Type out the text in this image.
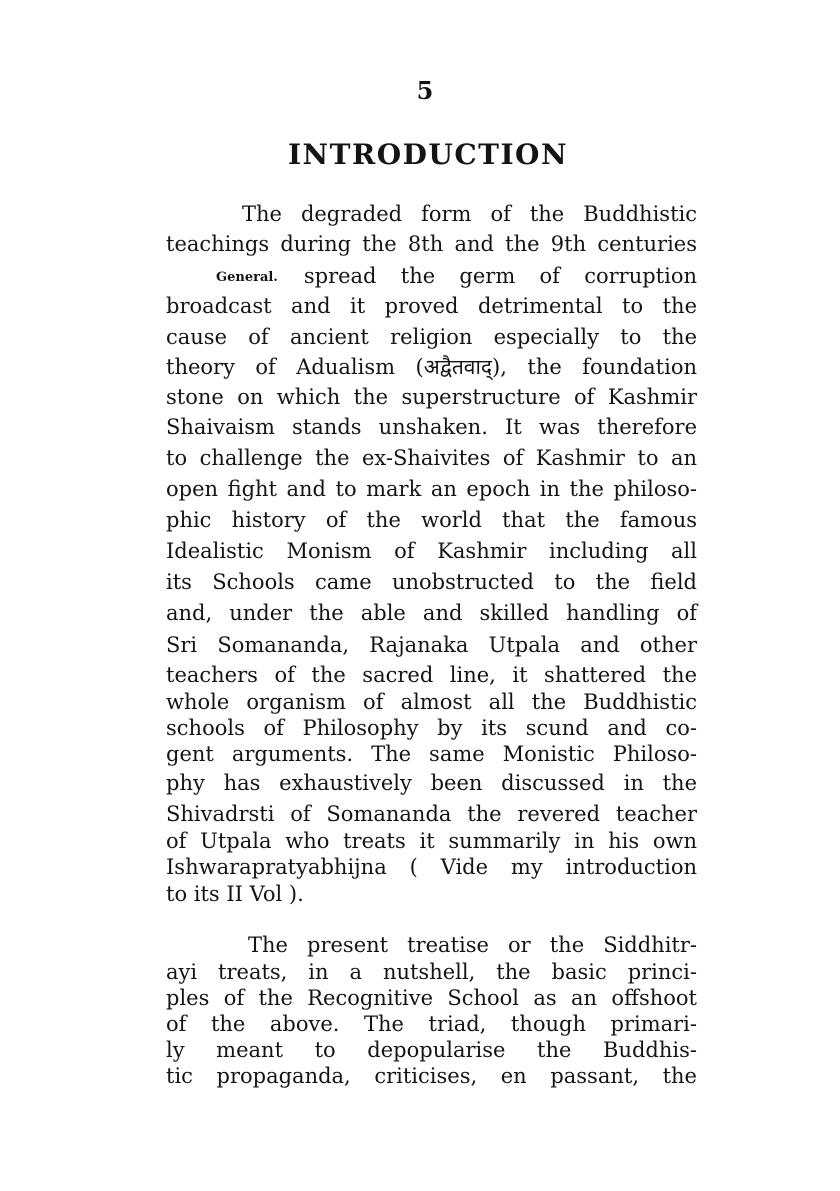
5
INTRODUCTION
The degraded form of the Buddhistic
teachings during the 8th and the 9th centuries
General. spread the germ of corruption
broadcast and it proved detrimental to the
cause of ancient religion especially to the
theory of Adualism (अद्वैतवाद्), the foundation
stone on which the superstructure of Kashmir
Shaivaism stands unshaken. It was therefore
to challenge the ex-Shaivites of Kashmir to an
open fight and to mark an epoch in the philoso-
phic history of the world that the famous
Idealistic Monism of Kashmir including all
its Schools came unobstructed to the field
and, under the able and skilled handling of
Sri Somananda, Rajanaka Utpala and other
teachers of the sacred line, it shattered the
whole organism of almost all the Buddhistic
schools of Philosophy by its scund and co-
gent arguments. The same Monistic Philoso-
phy has exhaustively been discussed in the
Shivadrsti of Somananda the revered teacher
of Utpala who treats it summarily in his own
Ishwarapratyabhijna ( Vide my introduction
to its II Vol ).
The present treatise or the Siddhitr-
ayi treats, in a nutshell, the basic princi-
ples of the Recognitive School as an offshoot
of the above. The triad, though primari-
ly meant to depopularise the Buddhis-
tic propaganda, criticises, en passant, the
